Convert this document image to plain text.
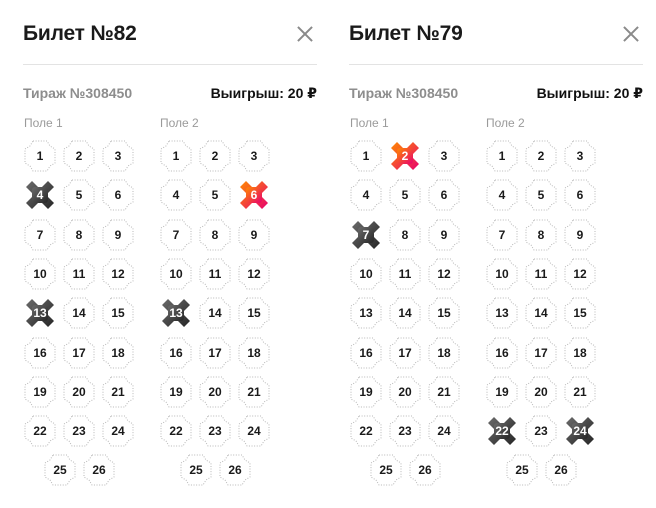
Билет №82
Тираж №308450	Выигрыш: 20 ₽
Поле 1
1	2	3
4	5	6
7	8	9
10 11 12
13 14 15
16 17 18
19 20 21
22 23 24
25 26
Поле 2
1	2	3
4	5	6
7	8	9
10 11 12
13 14 15
16 17 18
19 20 21
22 23 24
25 26
Билет №79
Тираж №308450	Выигрыш: 20 ₽
Поле 1
1	2	3
4	5	6
7	8	9
10 11 12
13 14 15
16 17 18
19 20 21
22 23 24
25 26
Поле 2
1	2	3
4	5	6
7	8	9
10 11 12
13 14 15
16 17 18
19 20 21
22 23 24
25 26
